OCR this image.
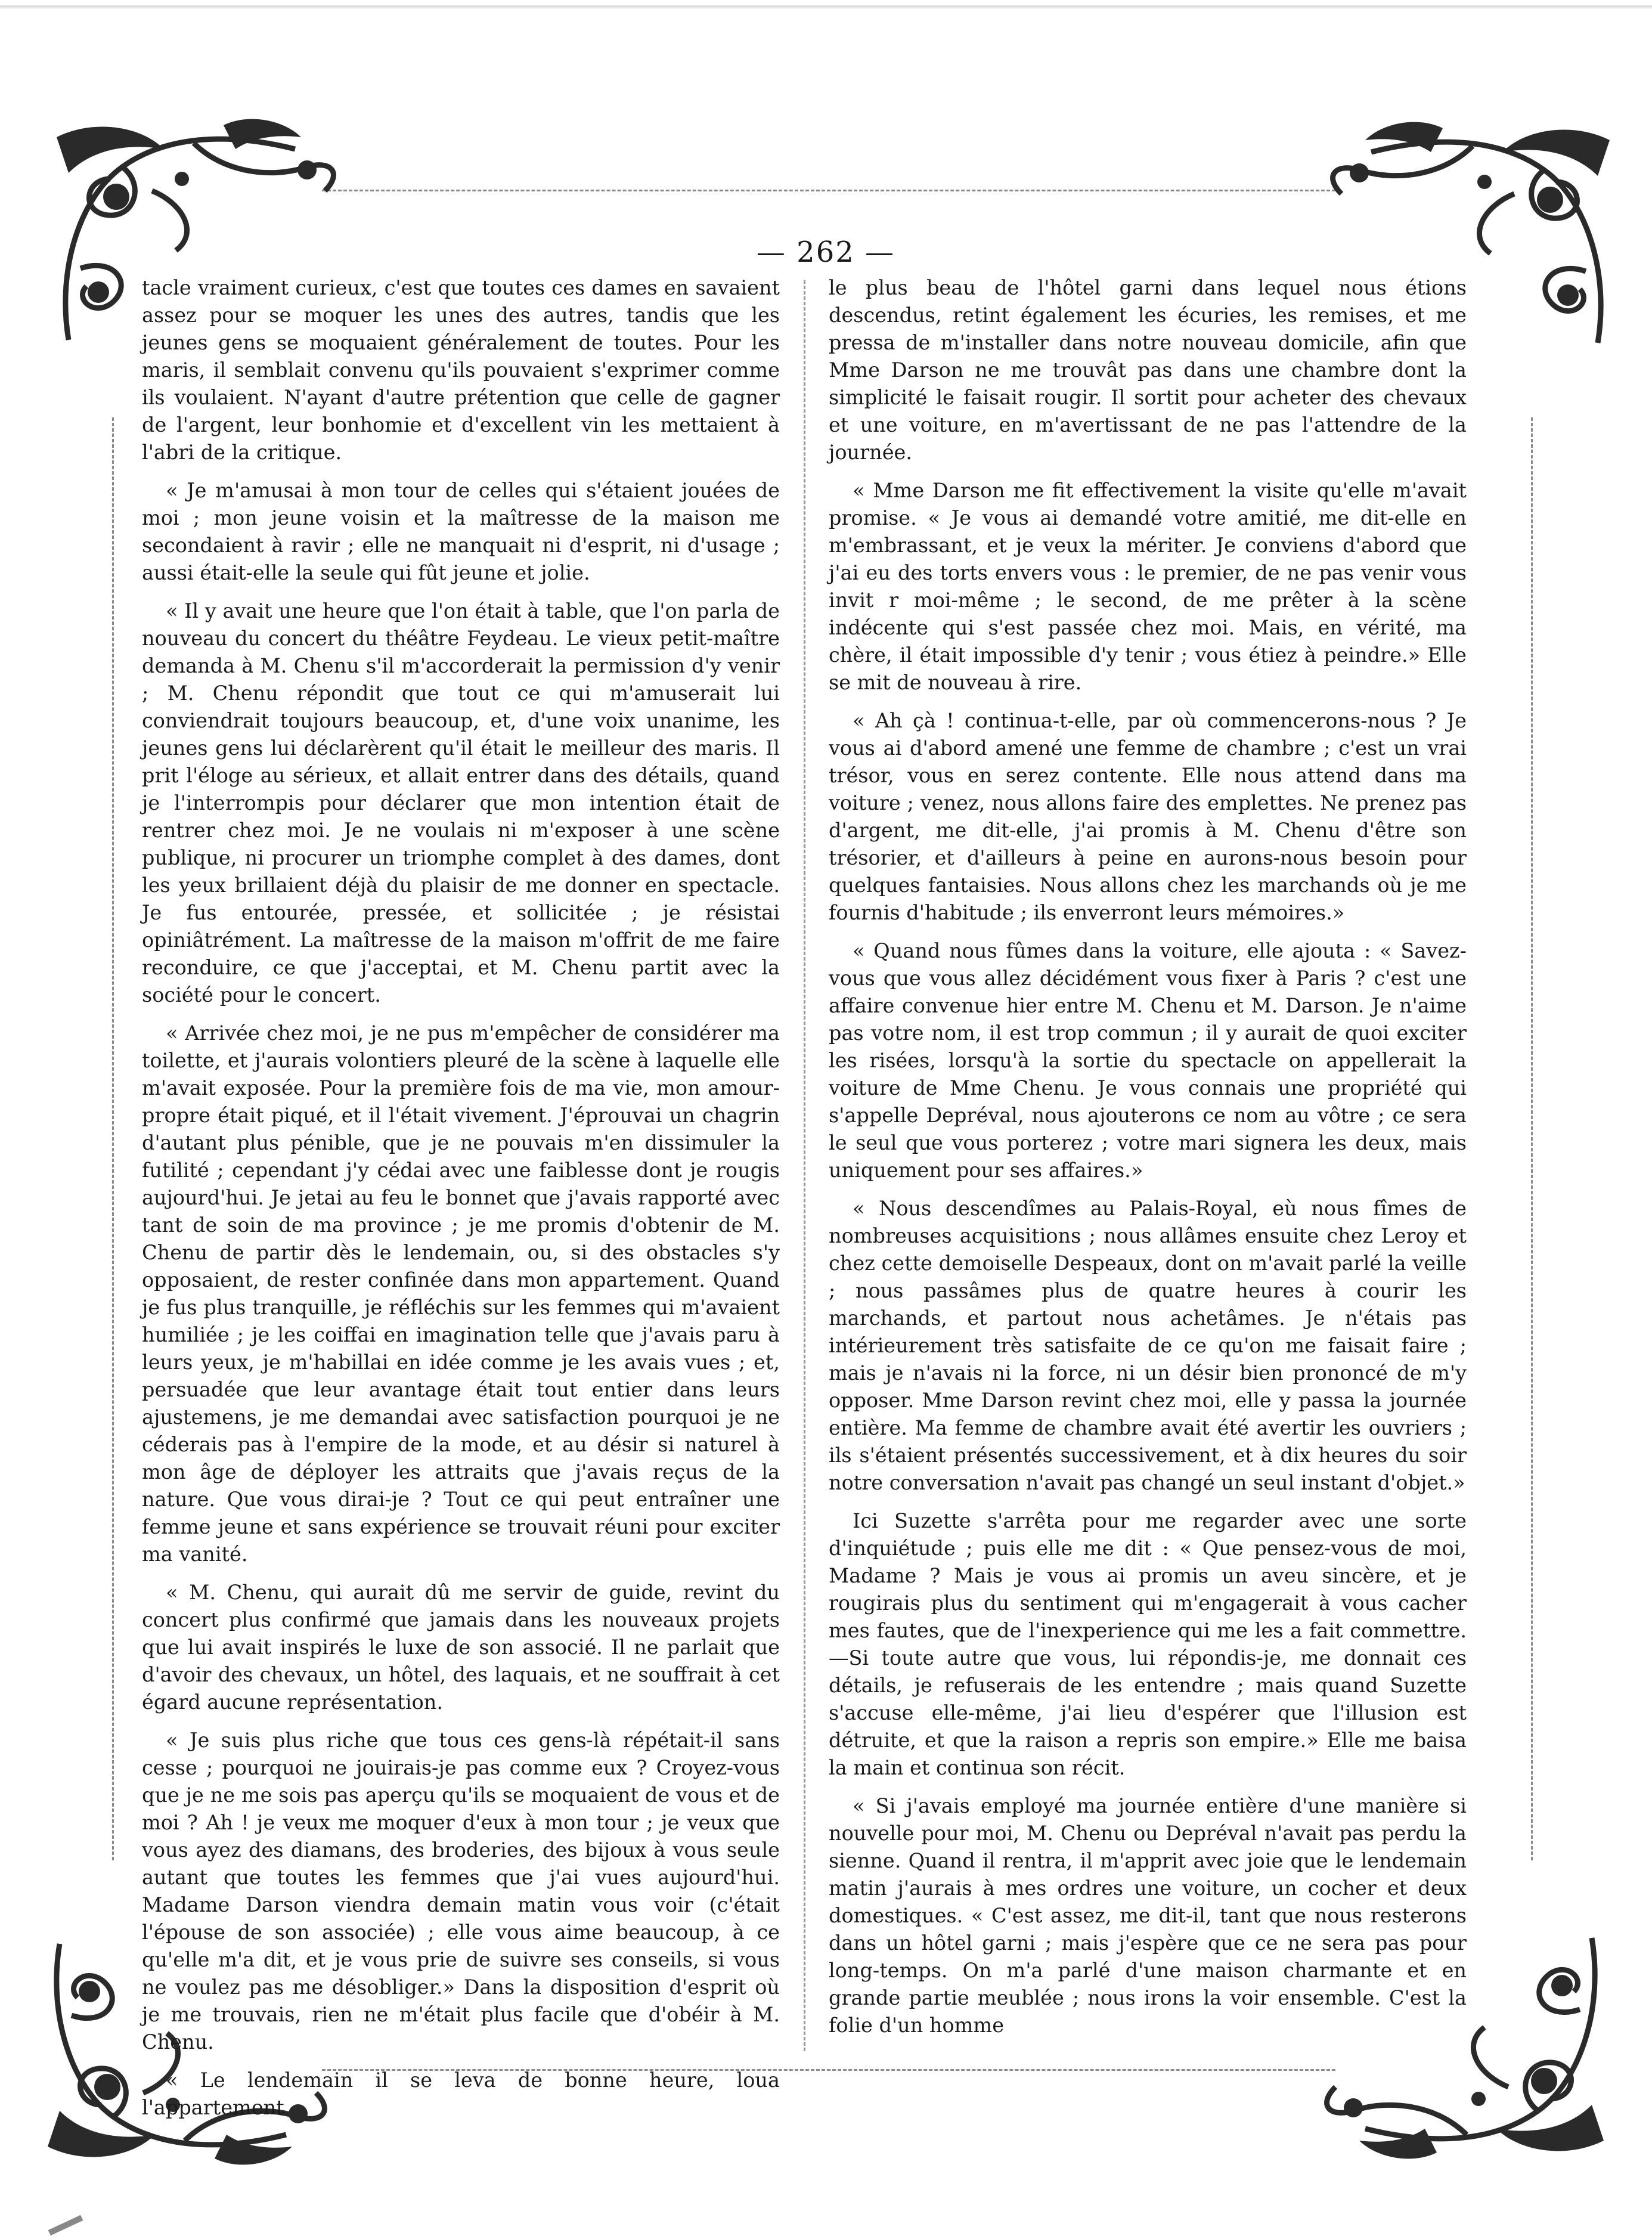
— 262 —

tacle vraiment curieux, c'est que toutes ces dames en savaient assez pour se moquer les unes des autres, tandis que les jeunes gens se moquaient généralement de toutes. Pour les maris, il semblait convenu qu'ils pouvaient s'exprimer comme ils voulaient. N'ayant d'autre prétention que celle de gagner de l'argent, leur bonhomie et d'excellent vin les mettaient à l'abri de la critique.

« Je m'amusai à mon tour de celles qui s'étaient jouées de moi ; mon jeune voisin et la maîtresse de la maison me secondaient à ravir ; elle ne manquait ni d'esprit, ni d'usage ; aussi était-elle la seule qui fût jeune et jolie.

« Il y avait une heure que l'on était à table, que l'on parla de nouveau du concert du théâtre Feydeau. Le vieux petit-maître demanda à M. Chenu s'il m'accorderait la permission d'y venir ; M. Chenu répondit que tout ce qui m'amuserait lui conviendrait toujours beaucoup, et, d'une voix unanime, les jeunes gens lui déclarèrent qu'il était le meilleur des maris. Il prit l'éloge au sérieux, et allait entrer dans des détails, quand je l'interrompis pour déclarer que mon intention était de rentrer chez moi. Je ne voulais ni m'exposer à une scène publique, ni procurer un triomphe complet à des dames, dont les yeux brillaient déjà du plaisir de me donner en spectacle. Je fus entourée, pressée, et sollicitée ; je résistai opiniâtrément. La maîtresse de la maison m'offrit de me faire reconduire, ce que j'acceptai, et M. Chenu partit avec la société pour le concert.

« Arrivée chez moi, je ne pus m'empêcher de considérer ma toilette, et j'aurais volontiers pleuré de la scène à laquelle elle m'avait exposée. Pour la première fois de ma vie, mon amour-propre était piqué, et il l'était vivement. J'éprouvai un chagrin d'autant plus pénible, que je ne pouvais m'en dissimuler la futilité ; cependant j'y cédai avec une faiblesse dont je rougis aujourd'hui. Je jetai au feu le bonnet que j'avais rapporté avec tant de soin de ma province ; je me promis d'obtenir de M. Chenu de partir dès le lendemain, ou, si des obstacles s'y opposaient, de rester confinée dans mon appartement. Quand je fus plus tranquille, je réfléchis sur les femmes qui m'avaient humiliée ; je les coiffai en imagination telle que j'avais paru à leurs yeux, je m'habillai en idée comme je les avais vues ; et, persuadée que leur avantage était tout entier dans leurs ajustemens, je me demandai avec satisfaction pourquoi je ne céderais pas à l'empire de la mode, et au désir si naturel à mon âge de déployer les attraits que j'avais reçus de la nature. Que vous dirai-je ? Tout ce qui peut entraîner une femme jeune et sans expérience se trouvait réuni pour exciter ma vanité.

« M. Chenu, qui aurait dû me servir de guide, revint du concert plus confirmé que jamais dans les nouveaux projets que lui avait inspirés le luxe de son associé. Il ne parlait que d'avoir des chevaux, un hôtel, des laquais, et ne souffrait à cet égard aucune représentation.

« Je suis plus riche que tous ces gens-là répétait-il sans cesse ; pourquoi ne jouirais-je pas comme eux ? Croyez-vous que je ne me sois pas aperçu qu'ils se moquaient de vous et de moi ? Ah ! je veux me moquer d'eux à mon tour ; je veux que vous ayez des diamans, des broderies, des bijoux à vous seule autant que toutes les femmes que j'ai vues aujourd'hui. Madame Darson viendra demain matin vous voir (c'était l'épouse de son associée) ; elle vous aime beaucoup, à ce qu'elle m'a dit, et je vous prie de suivre ses conseils, si vous ne voulez pas me désobliger.» Dans la disposition d'esprit où je me trouvais, rien ne m'était plus facile que d'obéir à M. Chenu.

« Le lendemain il se leva de bonne heure, loua l'appartement

le plus beau de l'hôtel garni dans lequel nous étions descendus, retint également les écuries, les remises, et me pressa de m'installer dans notre nouveau domicile, afin que Mme Darson ne me trouvât pas dans une chambre dont la simplicité le faisait rougir. Il sortit pour acheter des chevaux et une voiture, en m'avertissant de ne pas l'attendre de la journée.

« Mme Darson me fit effectivement la visite qu'elle m'avait promise. « Je vous ai demandé votre amitié, me dit-elle en m'embrassant, et je veux la mériter. Je conviens d'abord que j'ai eu des torts envers vous : le premier, de ne pas venir vous invit r moi-même ; le second, de me prêter à la scène indécente qui s'est passée chez moi. Mais, en vérité, ma chère, il était impossible d'y tenir ; vous étiez à peindre.» Elle se mit de nouveau à rire.

« Ah çà ! continua-t-elle, par où commencerons-nous ? Je vous ai d'abord amené une femme de chambre ; c'est un vrai trésor, vous en serez contente. Elle nous attend dans ma voiture ; venez, nous allons faire des emplettes. Ne prenez pas d'argent, me dit-elle, j'ai promis à M. Chenu d'être son trésorier, et d'ailleurs à peine en aurons-nous besoin pour quelques fantaisies. Nous allons chez les marchands où je me fournis d'habitude ; ils enverront leurs mémoires.»

« Quand nous fûmes dans la voiture, elle ajouta : « Savez-vous que vous allez décidément vous fixer à Paris ? c'est une affaire convenue hier entre M. Chenu et M. Darson. Je n'aime pas votre nom, il est trop commun ; il y aurait de quoi exciter les risées, lorsqu'à la sortie du spectacle on appellerait la voiture de Mme Chenu. Je vous connais une propriété qui s'appelle Depréval, nous ajouterons ce nom au vôtre ; ce sera le seul que vous porterez ; votre mari signera les deux, mais uniquement pour ses affaires.»

« Nous descendîmes au Palais-Royal, eù nous fîmes de nombreuses acquisitions ; nous allâmes ensuite chez Leroy et chez cette demoiselle Despeaux, dont on m'avait parlé la veille ; nous passâmes plus de quatre heures à courir les marchands, et partout nous achetâmes. Je n'étais pas intérieurement très satisfaite de ce qu'on me faisait faire ; mais je n'avais ni la force, ni un désir bien prononcé de m'y opposer. Mme Darson revint chez moi, elle y passa la journée entière. Ma femme de chambre avait été avertir les ouvriers ; ils s'étaient présentés successivement, et à dix heures du soir notre conversation n'avait pas changé un seul instant d'objet.»

Ici Suzette s'arrêta pour me regarder avec une sorte d'inquiétude ; puis elle me dit : « Que pensez-vous de moi, Madame ? Mais je vous ai promis un aveu sincère, et je rougirais plus du sentiment qui m'engagerait à vous cacher mes fautes, que de l'inexperience qui me les a fait commettre.—Si toute autre que vous, lui répondis-je, me donnait ces détails, je refuserais de les entendre ; mais quand Suzette s'accuse elle-même, j'ai lieu d'espérer que l'illusion est détruite, et que la raison a repris son empire.» Elle me baisa la main et continua son récit.

« Si j'avais employé ma journée entière d'une manière si nouvelle pour moi, M. Chenu ou Depréval n'avait pas perdu la sienne. Quand il rentra, il m'apprit avec joie que le lendemain matin j'aurais à mes ordres une voiture, un cocher et deux domestiques. « C'est assez, me dit-il, tant que nous resterons dans un hôtel garni ; mais j'espère que ce ne sera pas pour long-temps. On m'a parlé d'une maison charmante et en grande partie meublée ; nous irons la voir ensemble. C'est la folie d'un homme
